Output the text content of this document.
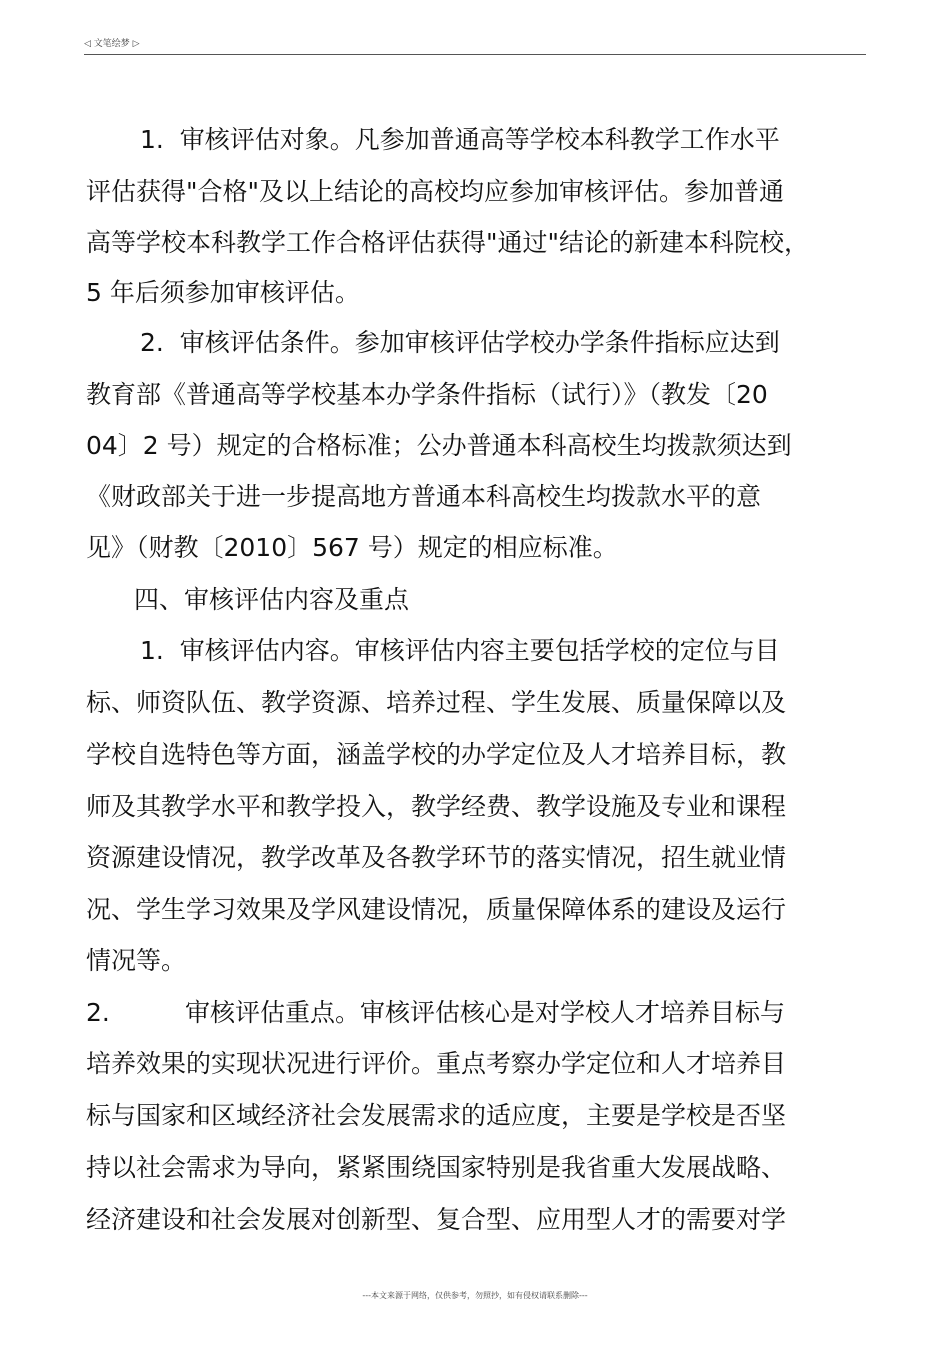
◁ 文笔绘梦 ▷
1.  审核评估对象。凡参加普通高等学校本科教学工作水平
评估获得"合格"及以上结论的高校均应参加审核评估。参加普通
高等学校本科教学工作合格评估获得"通过"结论的新建本科院校，
5 年后须参加审核评估。
2.  审核评估条件。参加审核评估学校办学条件指标应达到
教育部《普通高等学校基本办学条件指标（试行）》（教发〔20
04〕2 号）规定的合格标准；公办普通本科高校生均拨款须达到
《财政部关于进一步提高地方普通本科高校生均拨款水平的意
见》（财教〔2010〕567 号）规定的相应标准。
四、审核评估内容及重点
1.  审核评估内容。审核评估内容主要包括学校的定位与目
标、师资队伍、教学资源、培养过程、学生发展、质量保障以及
学校自选特色等方面，涵盖学校的办学定位及人才培养目标，教
师及其教学水平和教学投入，教学经费、教学设施及专业和课程
资源建设情况，教学改革及各教学环节的落实情况，招生就业情
况、学生学习效果及学风建设情况，质量保障体系的建设及运行
情况等。
2.	审核评估重点。审核评估核心是对学校人才培养目标与
培养效果的实现状况进行评价。重点考察办学定位和人才培养目
标与国家和区域经济社会发展需求的适应度，主要是学校是否坚
持以社会需求为导向，紧紧围绕国家特别是我省重大发展战略、
经济建设和社会发展对创新型、复合型、应用型人才的需要对学
---本文来源于网络，仅供参考，勿照抄，如有侵权请联系删除---
